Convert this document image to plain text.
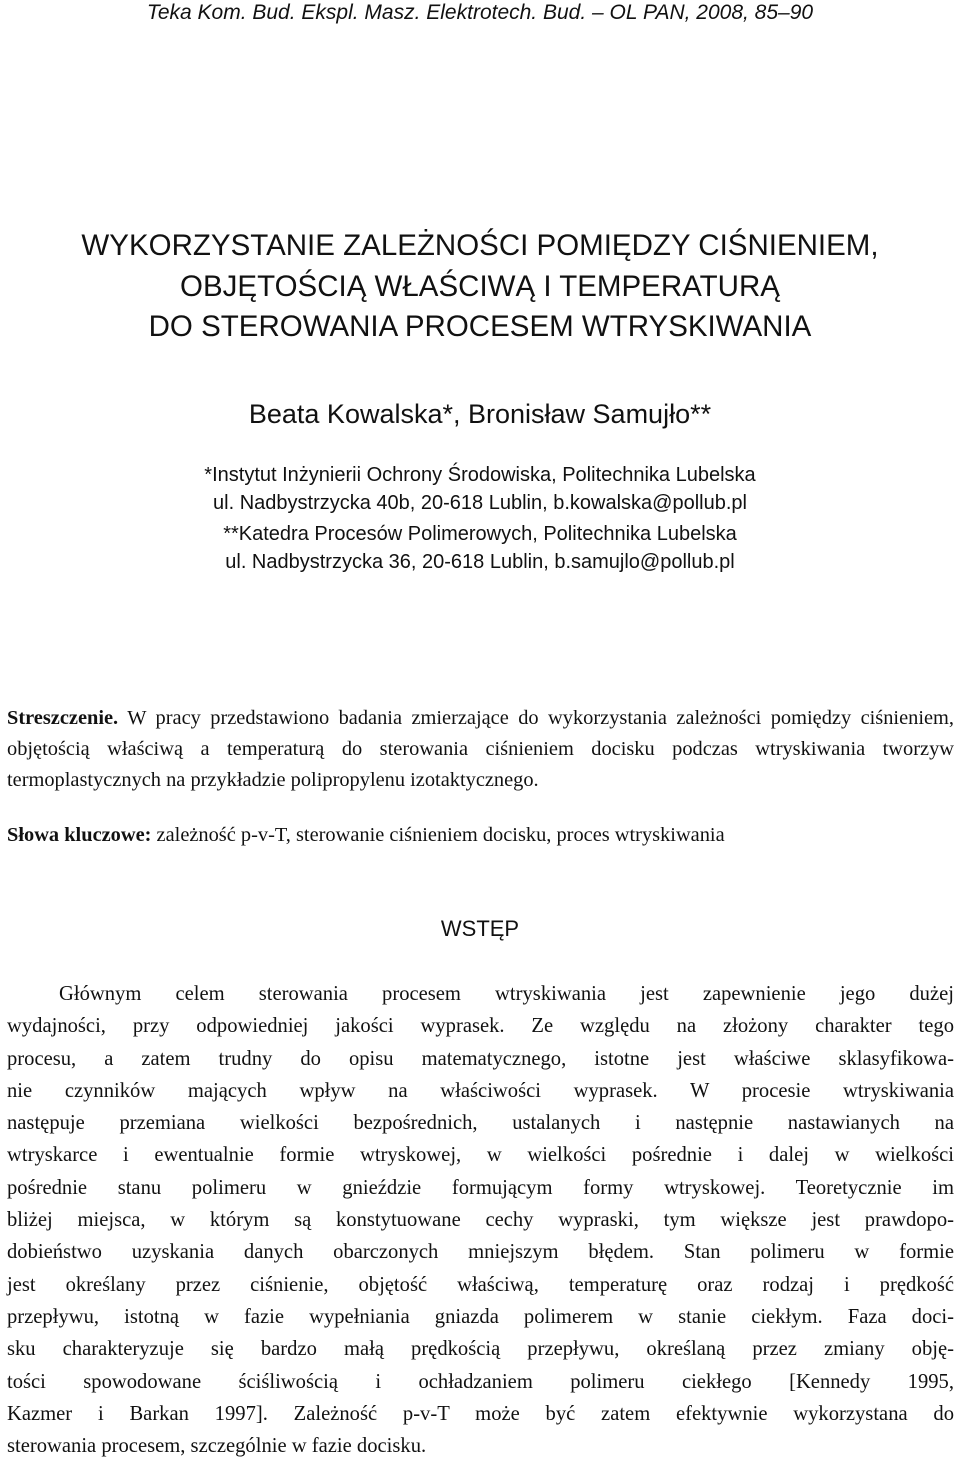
Teka Kom. Bud. Ekspl. Masz. Elektrotech. Bud. – OL PAN, 2008, 85–90
WYKORZYSTANIE ZALEŻNOŚCI POMIĘDZY CIŚNIENIEM,
OBJĘTOŚCIĄ WŁAŚCIWĄ I TEMPERATURĄ
DO STEROWANIA PROCESEM WTRYSKIWANIA
Beata Kowalska*, Bronisław Samujło**
*Instytut Inżynierii Ochrony Środowiska, Politechnika Lubelska
ul. Nadbystrzycka 40b, 20-618 Lublin, b.kowalska@pollub.pl
**Katedra Procesów Polimerowych, Politechnika Lubelska
ul. Nadbystrzycka 36, 20-618 Lublin, b.samujlo@pollub.pl
Streszczenie. W pracy przedstawiono badania zmierzające do wykorzystania zależności pomiędzy ciśnieniem, objętością właściwą a temperaturą do sterowania ciśnieniem docisku podczas wtryskiwania tworzyw termoplastycznych na przykładzie polipropylenu izotaktycznego.
Słowa kluczowe: zależność p-v-T, sterowanie ciśnieniem docisku, proces wtryskiwania
WSTĘP
Głównym celem sterowania procesem wtryskiwania jest zapewnienie jego dużej
wydajności, przy odpowiedniej jakości wyprasek. Ze względu na złożony charakter tego
procesu, a zatem trudny do opisu matematycznego, istotne jest właściwe sklasyfikowa-
nie czynników mających wpływ na właściwości wyprasek. W procesie wtryskiwania
następuje przemiana wielkości bezpośrednich, ustalanych i następnie nastawianych na
wtryskarce i ewentualnie formie wtryskowej, w wielkości pośrednie i dalej w wielkości
pośrednie stanu polimeru w gnieździe formującym formy wtryskowej. Teoretycznie im
bliżej miejsca, w którym są konstytuowane cechy wypraski, tym większe jest prawdopo-
dobieństwo uzyskania danych obarczonych mniejszym błędem. Stan polimeru w formie
jest określany przez ciśnienie, objętość właściwą, temperaturę oraz rodzaj i prędkość
przepływu, istotną w fazie wypełniania gniazda polimerem w stanie ciekłym. Faza doci-
sku charakteryzuje się bardzo małą prędkością przepływu, określaną przez zmiany obję-
tości spowodowane ściśliwością i ochładzaniem polimeru ciekłego [Kennedy 1995,
Kazmer i Barkan 1997]. Zależność p-v-T może być zatem efektywnie wykorzystana do
sterowania procesem, szczególnie w fazie docisku.
